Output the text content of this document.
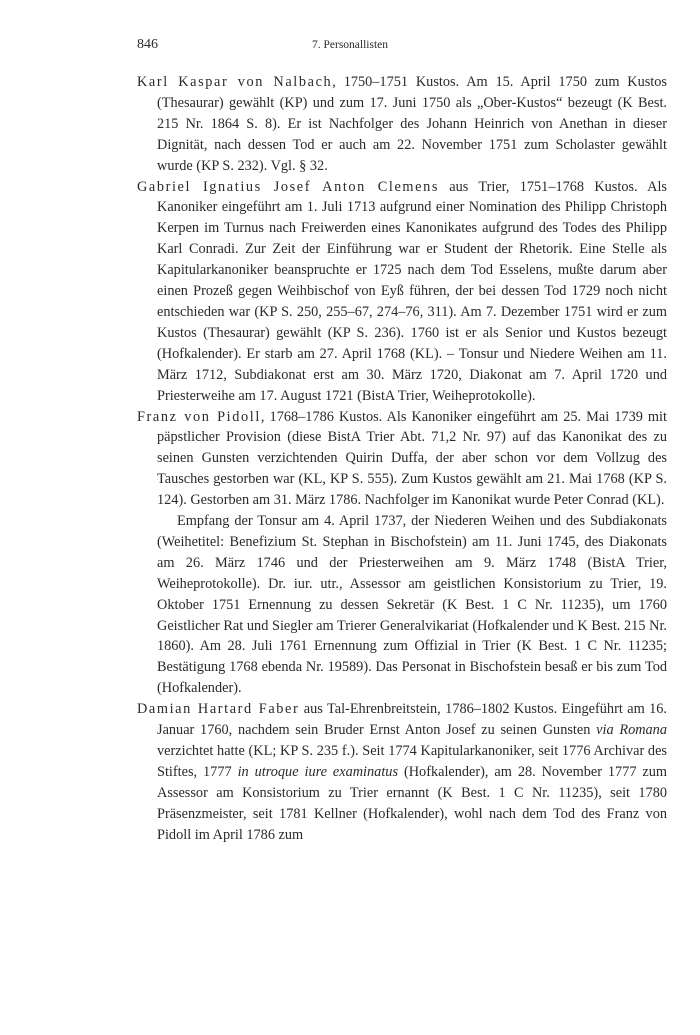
846	7. Personallisten

Karl Kaspar von Nalbach, 1750–1751 Kustos. Am 15. April 1750 zum Kustos (Thesaurar) gewählt (KP) und zum 17. Juni 1750 als „Ober-Kustos“ bezeugt (K Best. 215 Nr. 1864 S. 8). Er ist Nachfolger des Johann Heinrich von Anethan in dieser Dignität, nach dessen Tod er auch am 22. November 1751 zum Scholaster gewählt wurde (KP S. 232). Vgl. § 32.

Gabriel Ignatius Josef Anton Clemens aus Trier, 1751–1768 Kustos. Als Kanoniker eingeführt am 1. Juli 1713 aufgrund einer Nomination des Philipp Christoph Kerpen im Turnus nach Freiwerden eines Kanonikates aufgrund des Todes des Philipp Karl Conradi. Zur Zeit der Einführung war er Student der Rhetorik. Eine Stelle als Kapitularkanoniker beanspruchte er 1725 nach dem Tod Esselens, mußte darum aber einen Prozeß gegen Weihbischof von Eyß führen, der bei dessen Tod 1729 noch nicht entschieden war (KP S. 250, 255–67, 274–76, 311). Am 7. Dezember 1751 wird er zum Kustos (Thesaurar) gewählt (KP S. 236). 1760 ist er als Senior und Kustos bezeugt (Hofkalender). Er starb am 27. April 1768 (KL). – Tonsur und Niedere Weihen am 11. März 1712, Subdiakonat erst am 30. März 1720, Diakonat am 7. April 1720 und Priesterweihe am 17. August 1721 (BistA Trier, Weiheprotokolle).

Franz von Pidoll, 1768–1786 Kustos. Als Kanoniker eingeführt am 25. Mai 1739 mit päpstlicher Provision (diese BistA Trier Abt. 71,2 Nr. 97) auf das Kanonikat des zu seinen Gunsten verzichtenden Quirin Duffa, der aber schon vor dem Vollzug des Tausches gestorben war (KL, KP S. 555). Zum Kustos gewählt am 21. Mai 1768 (KP S. 124). Gestorben am 31. März 1786. Nachfolger im Kanonikat wurde Peter Conrad (KL).

Empfang der Tonsur am 4. April 1737, der Niederen Weihen und des Subdiakonats (Weihetitel: Benefizium St. Stephan in Bischofstein) am 11. Juni 1745, des Diakonats am 26. März 1746 und der Priesterweihen am 9. März 1748 (BistA Trier, Weiheprotokolle). Dr. iur. utr., Assessor am geistlichen Konsistorium zu Trier, 19. Oktober 1751 Ernennung zu dessen Sekretär (K Best. 1 C Nr. 11235), um 1760 Geistlicher Rat und Siegler am Trierer Generalvikariat (Hofkalender und K Best. 215 Nr. 1860). Am 28. Juli 1761 Ernennung zum Offizial in Trier (K Best. 1 C Nr. 11235; Bestätigung 1768 ebenda Nr. 19589). Das Personat in Bischofstein besaß er bis zum Tod (Hofkalender).

Damian Hartard Faber aus Tal-Ehrenbreitstein, 1786–1802 Kustos. Eingeführt am 16. Januar 1760, nachdem sein Bruder Ernst Anton Josef zu seinen Gunsten via Romana verzichtet hatte (KL; KP S. 235 f.). Seit 1774 Kapitularkanoniker, seit 1776 Archivar des Stiftes, 1777 in utroque iure examinatus (Hofkalender), am 28. November 1777 zum Assessor am Konsistorium zu Trier ernannt (K Best. 1 C Nr. 11235), seit 1780 Präsenzmeister, seit 1781 Kellner (Hofkalender), wohl nach dem Tod des Franz von Pidoll im April 1786 zum
